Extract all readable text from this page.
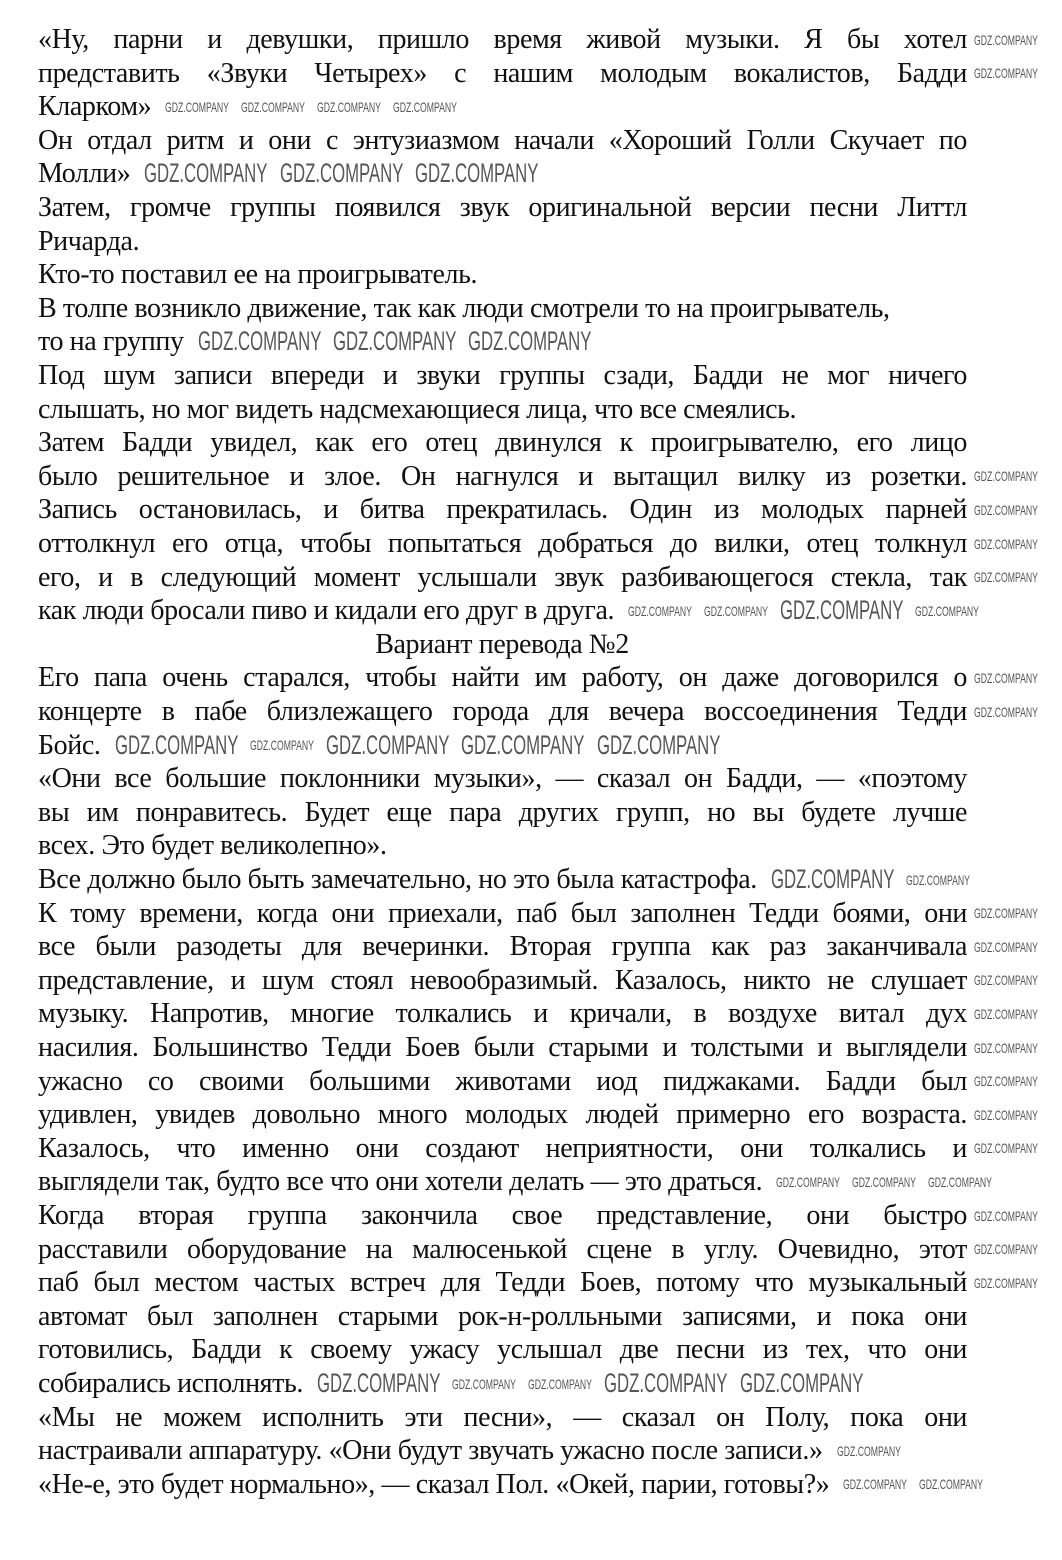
«Ну, парни и девушки, пришло время живой музыки. Я бы хотел
представить «Звуки Четырех» с нашим молодым вокалистов, Бадди
Кларком»
Он отдал ритм и они с энтузиазмом начали «Хороший Голли Скучает по
Молли»
Затем, громче группы появился звук оригинальной версии песни Литтл
Ричарда.
Кто-то поставил ее на проигрыватель.
В толпе возникло движение, так как люди смотрели то на проигрыватель,
то на группу
Под шум записи впереди и звуки группы сзади, Бадди не мог ничего
слышать, но мог видеть надсмехающиеся лица, что все смеялись.
Затем Бадди увидел, как его отец двинулся к проигрывателю, его лицо
было решительное и злое. Он нагнулся и вытащил вилку из розетки.
Запись остановилась, и битва прекратилась. Один из молодых парней
оттолкнул его отца, чтобы попытаться добраться до вилки, отец толкнул
его, и в следующий момент услышали звук разбивающегося стекла, так
как люди бросали пиво и кидали его друг в друга.
Вариант перевода №2
Его папа очень старался, чтобы найти им работу, он даже договорился о
концерте в пабе близлежащего города для вечера воссоединения Тедди
Бойс.
«Они все большие поклонники музыки», — сказал он Бадди, — «поэтому
вы им понравитесь. Будет еще пара других групп, но вы будете лучше
всех. Это будет великолепно».
Все должно было быть замечательно, но это была катастрофа.
К тому времени, когда они приехали, паб был заполнен Тедди боями, они
все были разодеты для вечеринки. Вторая группа как раз заканчивала
представление, и шум стоял невообразимый. Казалось, никто не слушает
музыку. Напротив, многие толкались и кричали, в воздухе витал дух
насилия. Большинство Тедди Боев были старыми и толстыми и выглядели
ужасно со своими большими животами иод пиджаками. Бадди был
удивлен, увидев довольно много молодых людей примерно его возраста.
Казалось, что именно они создают неприятности, они толкались и
выглядели так, будто все что они хотели делать — это драться.
Когда вторая группа закончила свое представление, они быстро
расставили оборудование на малюсенькой сцене в углу. Очевидно, этот
паб был местом частых встреч для Тедди Боев, потому что музыкальный
автомат был заполнен старыми рок-н-ролльными записями, и пока они
готовились, Бадди к своему ужасу услышал две песни из тех, что они
собирались исполнять.
«Мы не можем исполнить эти песни», — сказал он Полу, пока они
настраивали аппаратуру. «Они будут звучать ужасно после записи.»
«Не-е, это будет нормально», — сказал Пол. «Окей, парии, готовы?»
GDZ.COMPANY
GDZ.COMPANY
GDZ.COMPANY GDZ.COMPANY GDZ.COMPANY GDZ.COMPANY
GDZ.COMPANY GDZ.COMPANY GDZ.COMPANY
GDZ.COMPANY GDZ.COMPANY GDZ.COMPANY
GDZ.COMPANY
GDZ.COMPANY
GDZ.COMPANY
GDZ.COMPANY
GDZ.COMPANY GDZ.COMPANY GDZ.COMPANY GDZ.COMPANY
GDZ.COMPANY
GDZ.COMPANY
GDZ.COMPANY
GDZ.COMPANY GDZ.COMPANY GDZ.COMPANY GDZ.COMPANY
GDZ.COMPANY
GDZ.COMPANY
GDZ.COMPANY
GDZ.COMPANY
GDZ.COMPANY
GDZ.COMPANY
GDZ.COMPANY
GDZ.COMPANY
GDZ.COMPANY
GDZ.COMPANY
GDZ.COMPANY GDZ.COMPANY GDZ.COMPANY
GDZ.COMPANY
GDZ.COMPANY
GDZ.COMPANY
GDZ.COMPANY
GDZ.COMPANY GDZ.COMPANY GDZ.COMPANY GDZ.COMPANY
GDZ.COMPANY GDZ.COMPANY
GDZ.COMPANY
